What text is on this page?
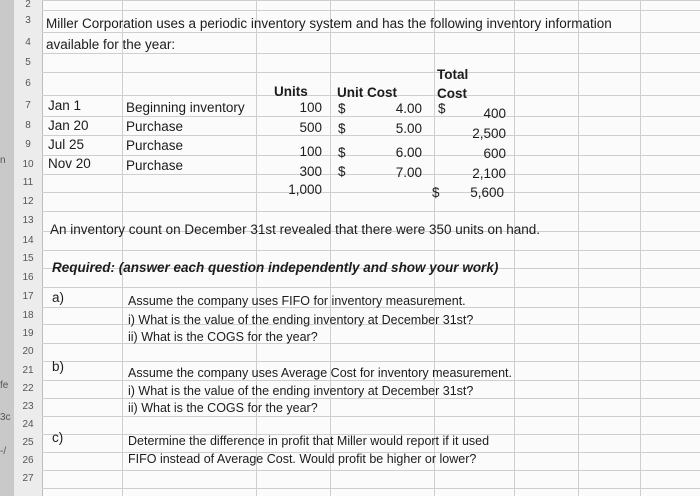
n
fe
3c
-/
2
3
4
5
6
7
8
9
10
11
12
13
14
15
16
17
18
19
20
21
22
23
24
25
26
27
Miller Corporation uses a periodic inventory system and has the following inventory information
available for the year:
Total
Units Unit Cost	Cost
Jan 1	Beginning inventory	100 $	4.00 $	400
Jan 20	Purchase	500 $	5.00	2,500
Jul 25	Purchase	100 $	6.00	600
Nov 20	Purchase	300 $	7.00	2,100
1,000	$	5,600
An inventory count on December 31st revealed that there were 350 units on hand.
Required: (answer each question independently and show your work)
a)	Assume the company uses FIFO for inventory measurement.
i) What is the value of the ending inventory at December 31st?
ii) What is the COGS for the year?
b)	Assume the company uses Average Cost for inventory measurement.
i) What is the value of the ending inventory at December 31st?
ii) What is the COGS for the year?
c)	Determine the difference in profit that Miller would report if it used
FIFO instead of Average Cost. Would profit be higher or lower?
